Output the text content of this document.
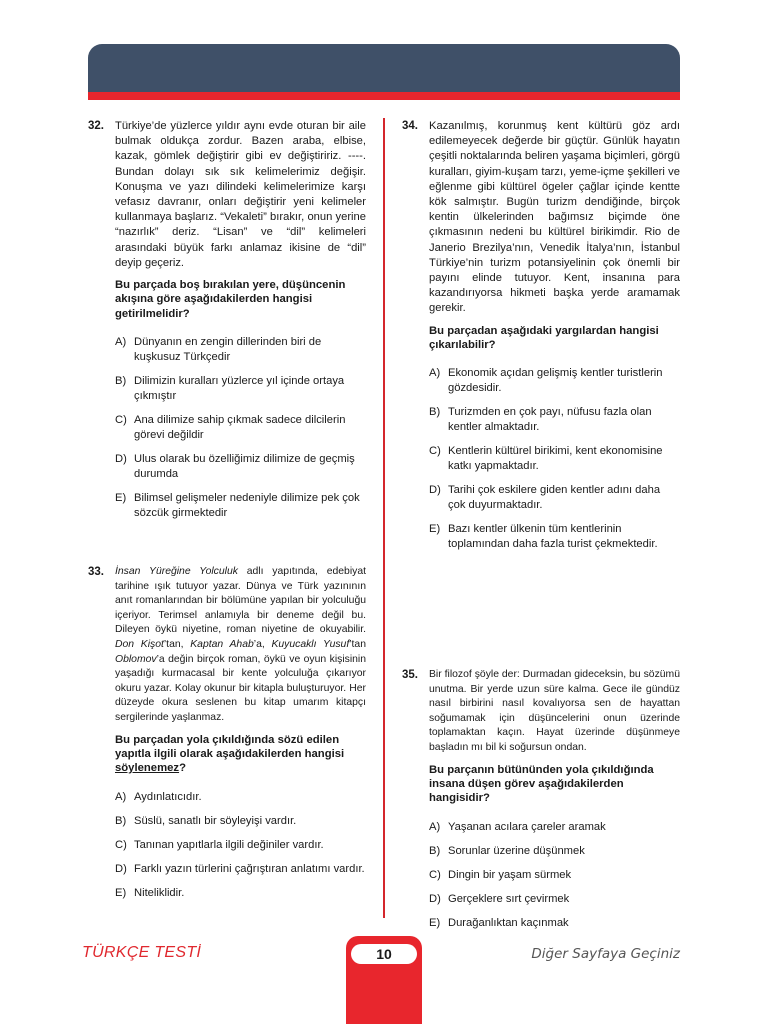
32. Türkiye’de yüzlerce yıldır aynı evde oturan bir aile bulmak oldukça zordur. Bazen araba, elbise, kazak, gömlek değiştirir gibi ev değiştiririz. ----. Bundan dolayı sık sık kelimelerimiz değişir. Konuşma ve yazı dilindeki kelimelerimize karşı vefasız davranır, onları değiştirir yeni kelimeler kullanmaya başlarız. “Vekaleti” bırakır, onun yerine “nazırlık” deriz. “Lisan” ve “dil” kelimeleri arasındaki büyük farkı anlamaz ikisine de “dil” deyip geçeriz.

Bu parçada boş bırakılan yere, düşüncenin akışına göre aşağıdakilerden hangisi getirilmelidir?

A) Dünyanın en zengin dillerinden biri de kuşkusuz Türkçedir
B) Dilimizin kuralları yüzlerce yıl içinde ortaya çıkmıştır
C) Ana dilimize sahip çıkmak sadece dilcilerin görevi değildir
D) Ulus olarak bu özelliğimiz dilimize de geçmiş durumda
E) Bilimsel gelişmeler nedeniyle dilimize pek çok sözcük girmektedir
33. İnsan Yüreğine Yolculuk adlı yapıtında, edebiyat tarihine ışık tutuyor yazar. Dünya ve Türk yazınının anıt romanlarından bir bölümüne yapılan bir yolculuğu içeriyor. Terimsel anlamıyla bir deneme değil bu. Dileyen öykü niyetine, roman niyetine de okuyabilir. Don Kişot’tan, Kaptan Ahab’a, Kuyucaklı Yusuf’tan Oblomov’a değin birçok roman, öykü ve oyun kişisinin yaşadığı kurmacasal bir kente yolculuğa çıkarıyor okuru yazar. Kolay okunur bir kitapla buluşturuyor. Her düzeyde okura seslenen bu kitap umarım kitapçı sergilerinde yaşlanmaz.

Bu parçadan yola çıkıldığında sözü edilen yapıtla ilgili olarak aşağıdakilerden hangisi söylenemez?

A) Aydınlatıcıdır.
B) Süslü, sanatlı bir söyleyişi vardır.
C) Tanınan yapıtlarla ilgili değiniler vardır.
D) Farklı yazın türlerini çağrıştıran anlatımı vardır.
E) Niteliklidir.
34. Kazanılmış, korunmuş kent kültürü göz ardı edilemeyecek değerde bir güçtür. Günlük hayatın çeşitli noktalarında beliren yaşama biçimleri, görgü kuralları, giyim-kuşam tarzı, yeme-içme şekilleri ve eğlenme gibi kültürel ögeler çağlar içinde kentte kök salmıştır. Bugün turizm dendiğinde, birçok kentin ülkelerinden bağımsız biçimde öne çıkmasının nedeni bu kültürel birikimdir. Rio de Janerio Brezilya’nın, Venedik İtalya’nın, İstanbul Türkiye’nin turizm potansiyelinin çok önemli bir payını elinde tutuyor. Kent, insanına para kazandırıyorsa hikmeti başka yerde aramamak gerekir.

Bu parçadan aşağıdaki yargılardan hangisi çıkarılabilir?

A) Ekonomik açıdan gelişmiş kentler turistlerin gözdesidir.
B) Turizmden en çok payı, nüfusu fazla olan kentler almaktadır.
C) Kentlerin kültürel birikimi, kent ekonomisine katkı yapmaktadır.
D) Tarihi çok eskilere giden kentler adını daha çok duyurmaktadır.
E) Bazı kentler ülkenin tüm kentlerinin toplamından daha fazla turist çekmektedir.
35. Bir filozof şöyle der: Durmadan gideceksin, bu sözümü unutma. Bir yerde uzun süre kalma. Gece ile gündüz nasıl birbirini nasıl kovalıyorsa sen de hayattan soğumamak için düşüncelerini onun üzerinde toplamaktan kaçın. Hayat üzerinde düşünmeye başladın mı bil ki soğursun ondan.

Bu parçanın bütününden yola çıkıldığında insana düşen görev aşağıdakilerden hangisidir?

A) Yaşanan acılara çareler aramak
B) Sorunlar üzerine düşünmek
C) Dingin bir yaşam sürmek
D) Gerçeklere sırt çevirmek
E) Durağanlıktan kaçınmak
TÜRKÇE TESTİ	10	Diğer Sayfaya Geçiniz
